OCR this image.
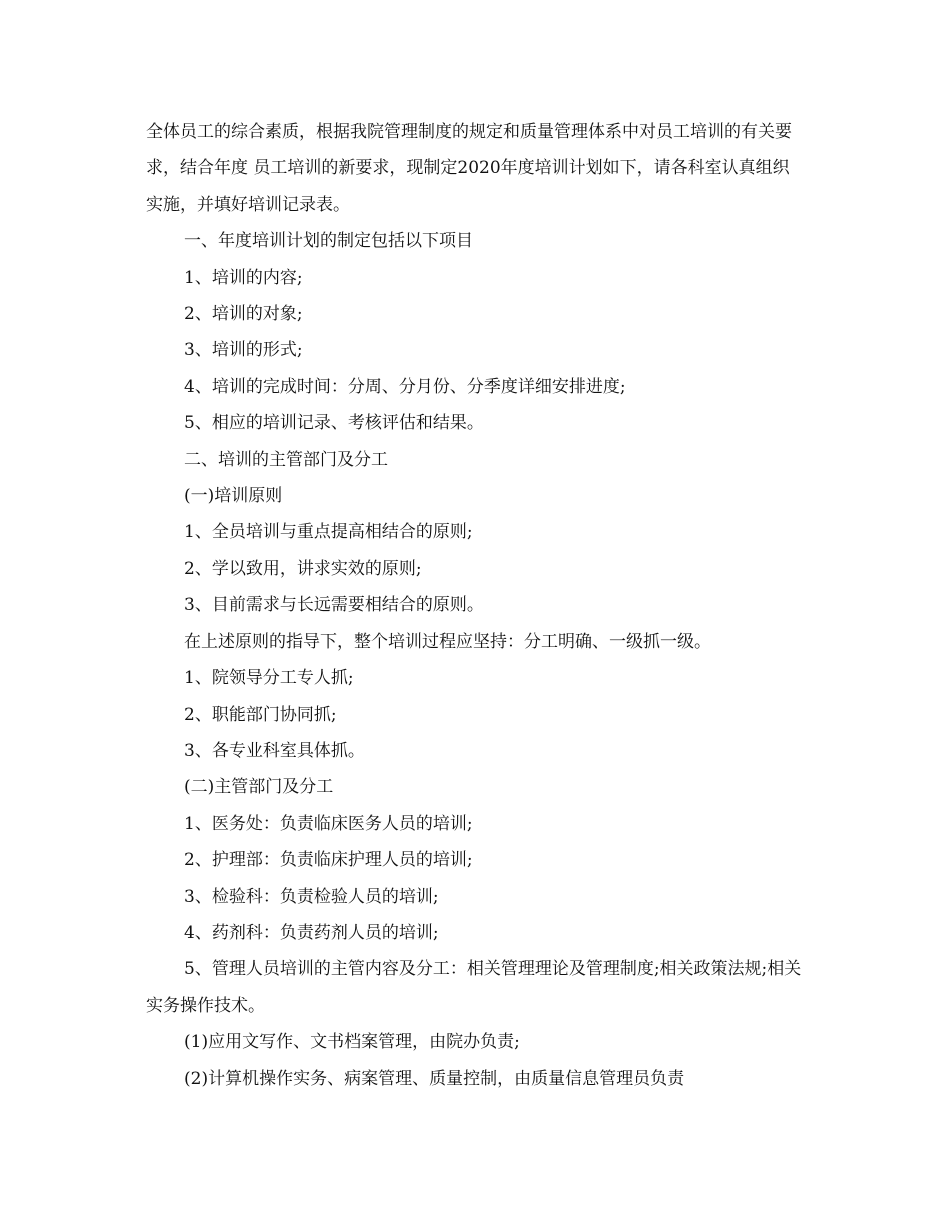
全体员工的综合素质，根据我院管理制度的规定和质量管理体系中对员工培训的有关要求，结合年度 员工培训的新要求，现制定2020年度培训计划如下，请各科室认真组织实施，并填好培训记录表。

一、年度培训计划的制定包括以下项目

1、培训的内容;

2、培训的对象;

3、培训的形式;

4、培训的完成时间：分周、分月份、分季度详细安排进度;

5、相应的培训记录、考核评估和结果。

二、培训的主管部门及分工

(一)培训原则

1、全员培训与重点提高相结合的原则;

2、学以致用，讲求实效的原则;

3、目前需求与长远需要相结合的原则。

在上述原则的指导下，整个培训过程应坚持：分工明确、一级抓一级。

1、院领导分工专人抓;

2、职能部门协同抓;

3、各专业科室具体抓。

(二)主管部门及分工

1、医务处：负责临床医务人员的培训;

2、护理部：负责临床护理人员的培训;

3、检验科：负责检验人员的培训;

4、药剂科：负责药剂人员的培训;

5、管理人员培训的主管内容及分工：相关管理理论及管理制度;相关政策法规;相关实务操作技术。

(1)应用文写作、文书档案管理，由院办负责;

(2)计算机操作实务、病案管理、质量控制，由质量信息管理员负责
